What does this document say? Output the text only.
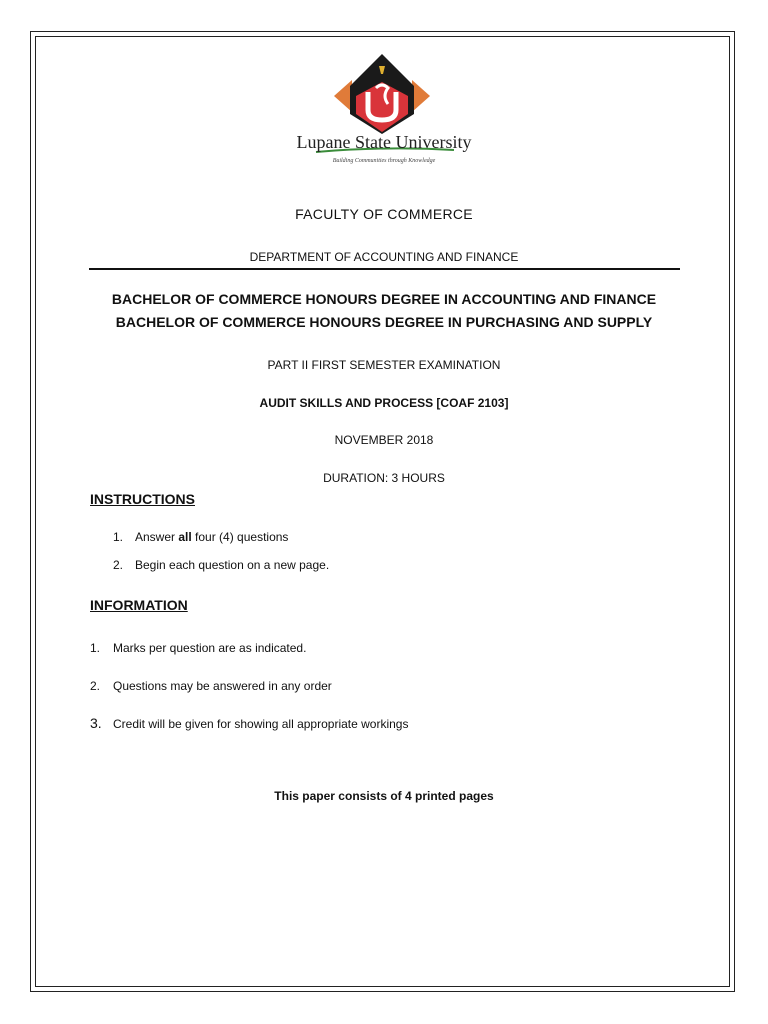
Lupane State University
Building Communities through Knowledge
FACULTY OF COMMERCE
DEPARTMENT OF ACCOUNTING AND FINANCE
BACHELOR OF COMMERCE HONOURS DEGREE IN ACCOUNTING AND FINANCE
BACHELOR OF COMMERCE HONOURS DEGREE IN PURCHASING AND SUPPLY
PART II FIRST SEMESTER EXAMINATION
AUDIT SKILLS AND PROCESS [COAF 2103]
NOVEMBER 2018
DURATION: 3 HOURS
INSTRUCTIONS
1. Answer all four (4) questions
2. Begin each question on a new page.
INFORMATION
1. Marks per question are as indicated.
2. Questions may be answered in any order
3. Credit will be given for showing all appropriate workings
This paper consists of 4 printed pages
